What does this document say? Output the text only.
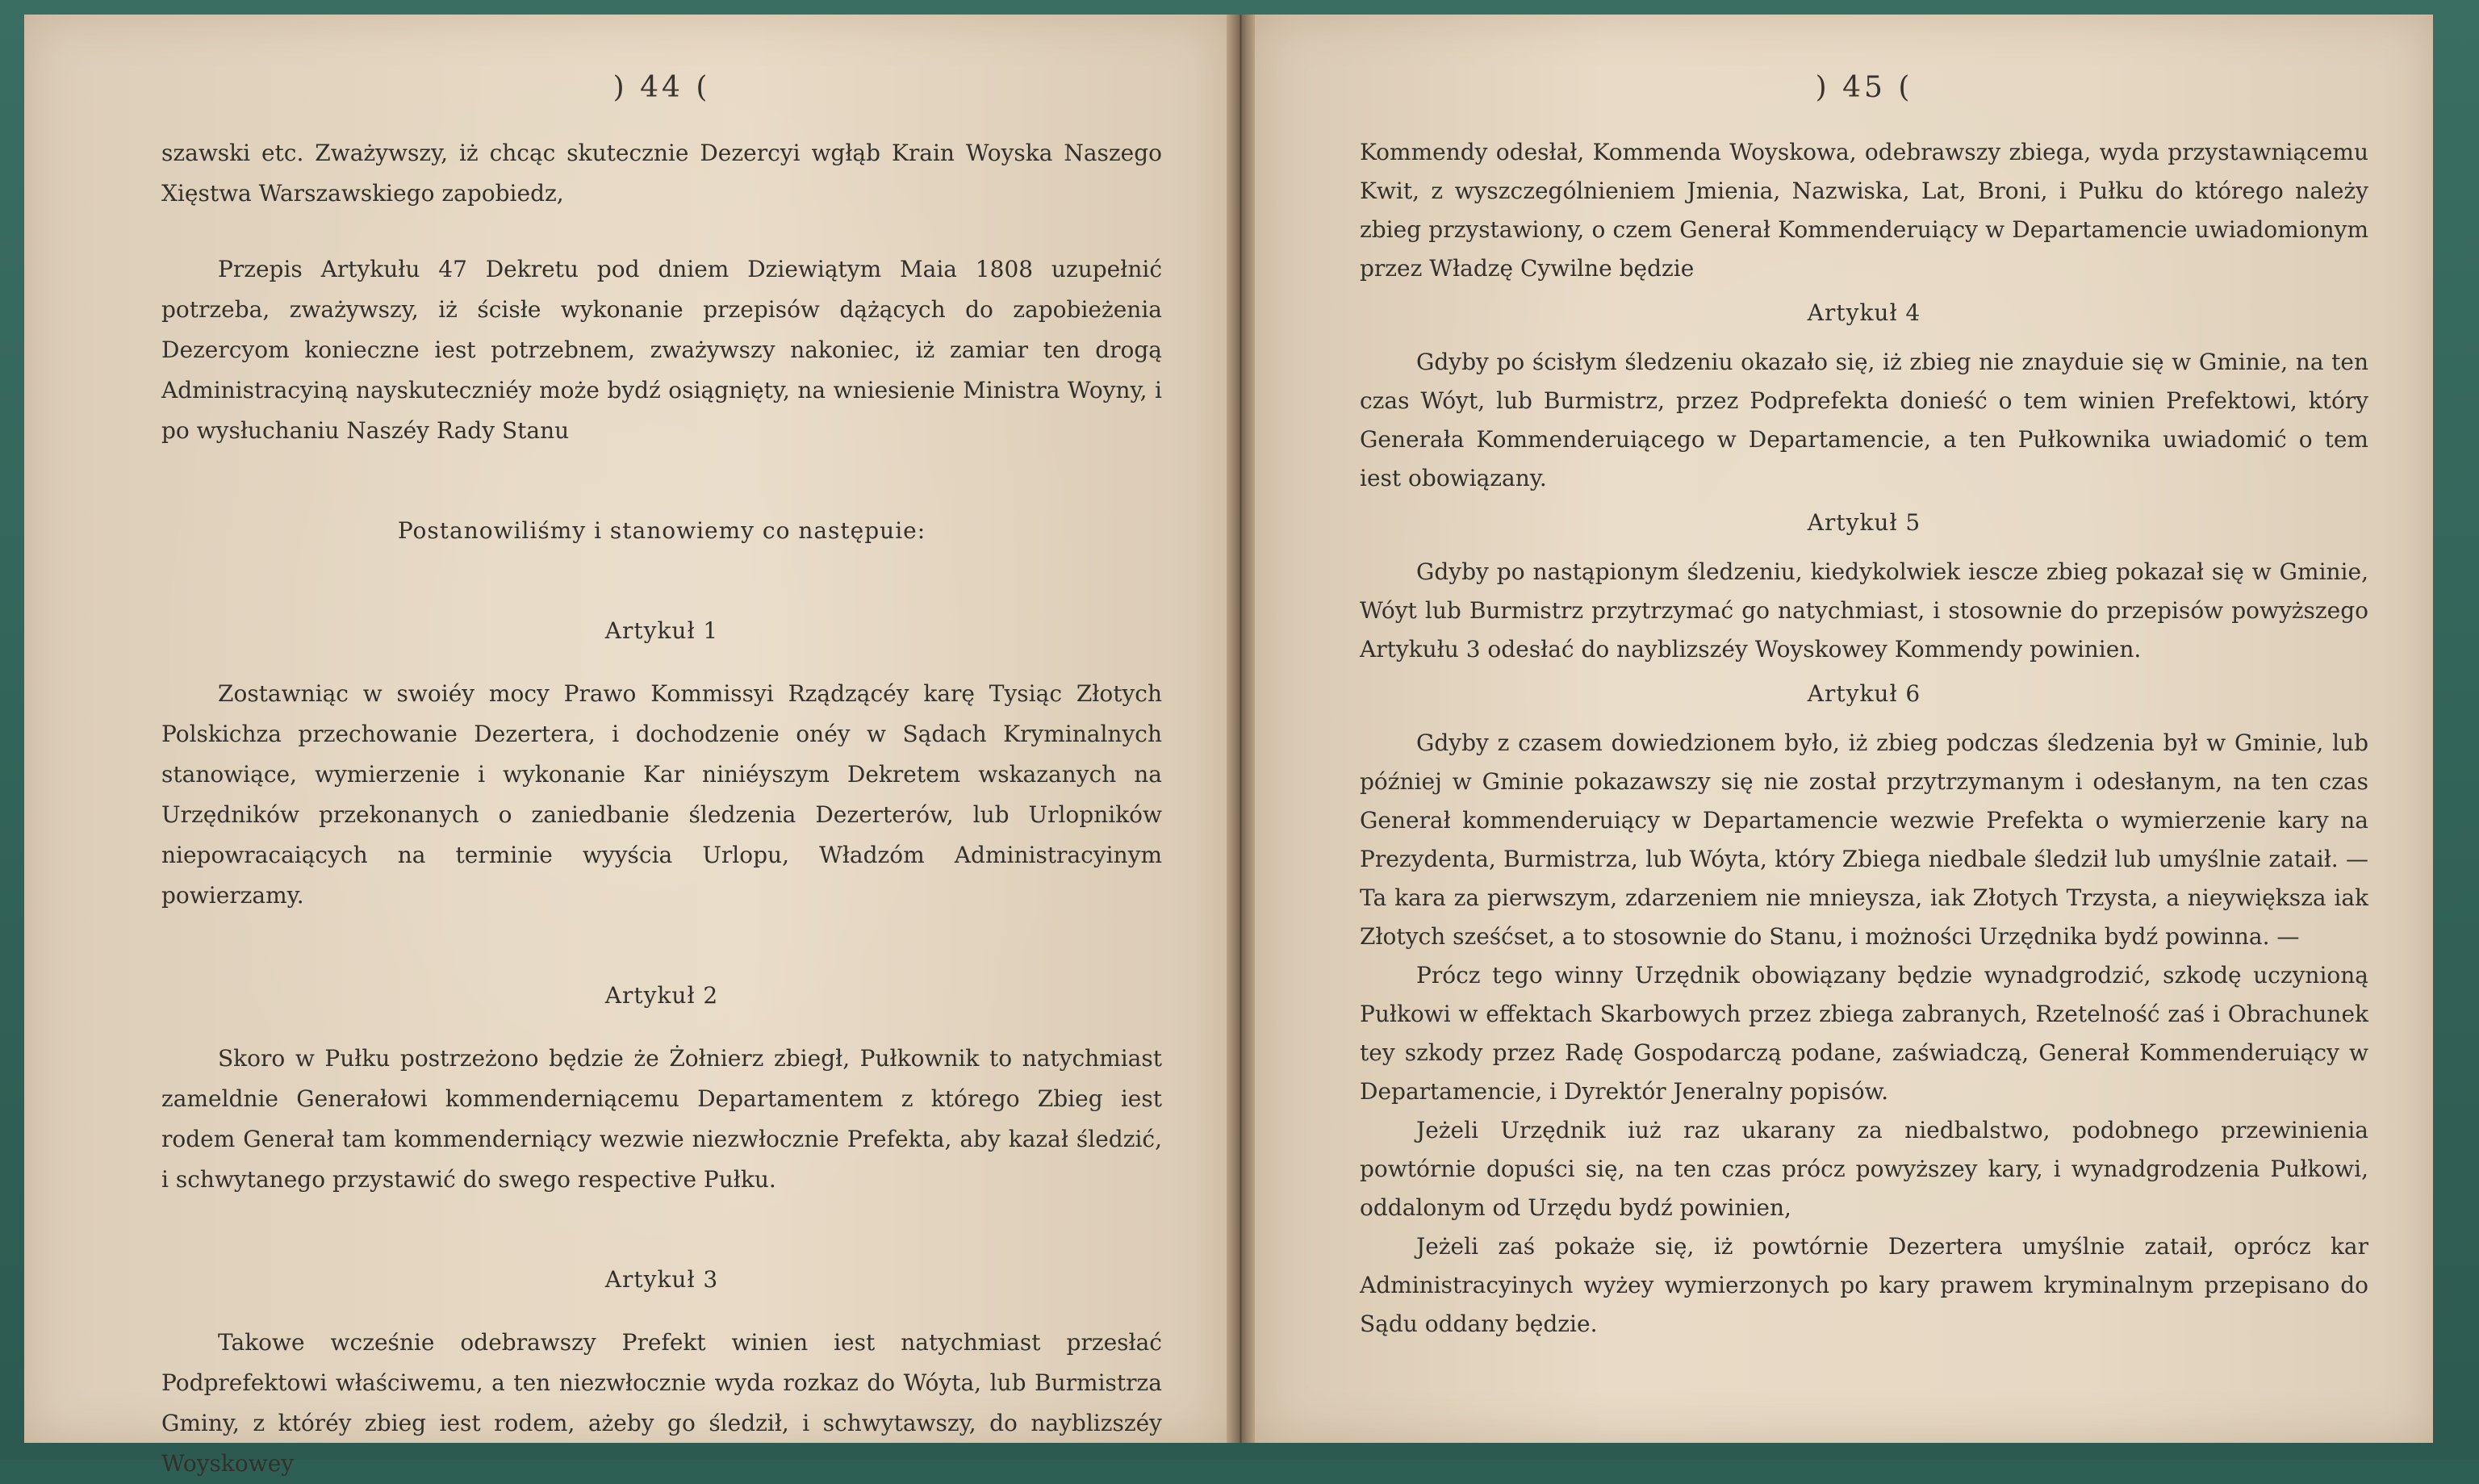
) 44 (

szawski etc. Zważywszy, iż chcąc skutecznie Dezercyi wgłąb Krain Woyska Naszego Xięstwa Warszawskiego zapobiedz,

Przepis Artykułu 47 Dekretu pod dniem Dziewiątym Maia 1808 uzupełnić potrzeba, zważywszy, iż ścisłe wykonanie przepisów dążących do zapobieżenia Dezercyom konieczne iest potrzebnem, zważywszy nakoniec, iż zamiar ten drogą Administracyiną nayskuteczniéy może bydź osiągnięty, na wniesienie Ministra Woyny, i po wysłuchaniu Naszéy Rady Stanu

Postanowiliśmy i stanowiemy co następuie:
Artykuł 1

Zostawniąc w swoiéy mocy Prawo Kommissyi Rządzącéy karę Tysiąc Złotych Polskichza przechowanie Dezertera, i dochodzenie onéy w Sądach Kryminalnych stanowiące, wymierzenie i wykonanie Kar niniéyszym Dekretem wskazanych na Urzędników przekonanych o zaniedbanie śledzenia Dezerterów, lub Urlopników niepowracaiących na terminie wyyścia Urlopu, Władzóm Administracyinym powierzamy.

Artykuł 2

Skoro w Pułku postrzeżono będzie że Żołnierz zbiegł, Pułkownik to natychmiast zameldnie Generałowi kommenderniącemu Departamentem z którego Zbieg iest rodem Generał tam kommenderniący wezwie niezwłocznie Prefekta, aby kazał śledzić, i schwytanego przystawić do swego respective Pułku.

Artykuł 3

Takowe wcześnie odebrawszy Prefekt winien iest natychmiast przesłać Podprefektowi właściwemu, a ten niezwłocznie wyda rozkaz do Wóyta, lub Burmistrza Gminy, z któréy zbieg iest rodem, ażeby go śledził, i schwytawszy, do nayblizszéy Woyskowey

) 45 (

Kommendy odesłał, Kommenda Woyskowa, odebrawszy zbiega, wyda przystawniącemu Kwit, z wyszczególnieniem Jmienia, Nazwiska, Lat, Broni, i Pułku do którego należy zbieg przystawiony, o czem Generał Kommenderuiący w Departamencie uwiadomionym przez Władzę Cywilne będzie

Artykuł 4

Gdyby po ścisłym śledzeniu okazało się, iż zbieg nie znayduie się w Gminie, na ten czas Wóyt, lub Burmistrz, przez Podprefekta donieść o tem winien Prefektowi, który Generała Kommenderuiącego w Departamencie, a ten Pułkownika uwiadomić o tem iest obowiązany.

Artykuł 5

Gdyby po nastąpionym śledzeniu, kiedykolwiek iescze zbieg pokazał się w Gminie, Wóyt lub Burmistrz przytrzymać go natychmiast, i stosownie do przepisów powyższego Artykułu 3 odesłać do nayblizszéy Woyskowey Kommendy powinien.

Artykuł 6

Gdyby z czasem dowiedzionem było, iż zbieg podczas śledzenia był w Gminie, lub później w Gminie pokazawszy się nie został przytrzymanym i odesłanym, na ten czas Generał kommenderuiący w Departamencie wezwie Prefekta o wymierzenie kary na Prezydenta, Burmistrza, lub Wóyta, który Zbiega niedbale śledził lub umyślnie zataił. — Ta kara za pierwszym, zdarzeniem nie mnieysza, iak Złotych Trzysta, a nieywiększa iak Złotych sześćset, a to stosownie do Stanu, i możności Urzędnika bydź powinna. —

Prócz tego winny Urzędnik obowiązany będzie wynadgrodzić, szkodę uczynioną Pułkowi w effektach Skarbowych przez zbiega zabranych, Rzetelność zaś i Obrachunek tey szkody przez Radę Gospodarczą podane, zaświadczą, Generał Kommenderuiący w Departamencie, i Dyrektór Jeneralny popisów.

Jeżeli Urzędnik iuż raz ukarany za niedbalstwo, podobnego przewinienia powtórnie dopuści się, na ten czas prócz powyższey kary, i wynadgrodzenia Pułkowi, oddalonym od Urzędu bydź powinien,

Jeżeli zaś pokaże się, iż powtórnie Dezertera umyślnie zataił, oprócz kar Administracyinych wyżey wymierzonych po kary prawem kryminalnym przepisano do Sądu oddany będzie.
